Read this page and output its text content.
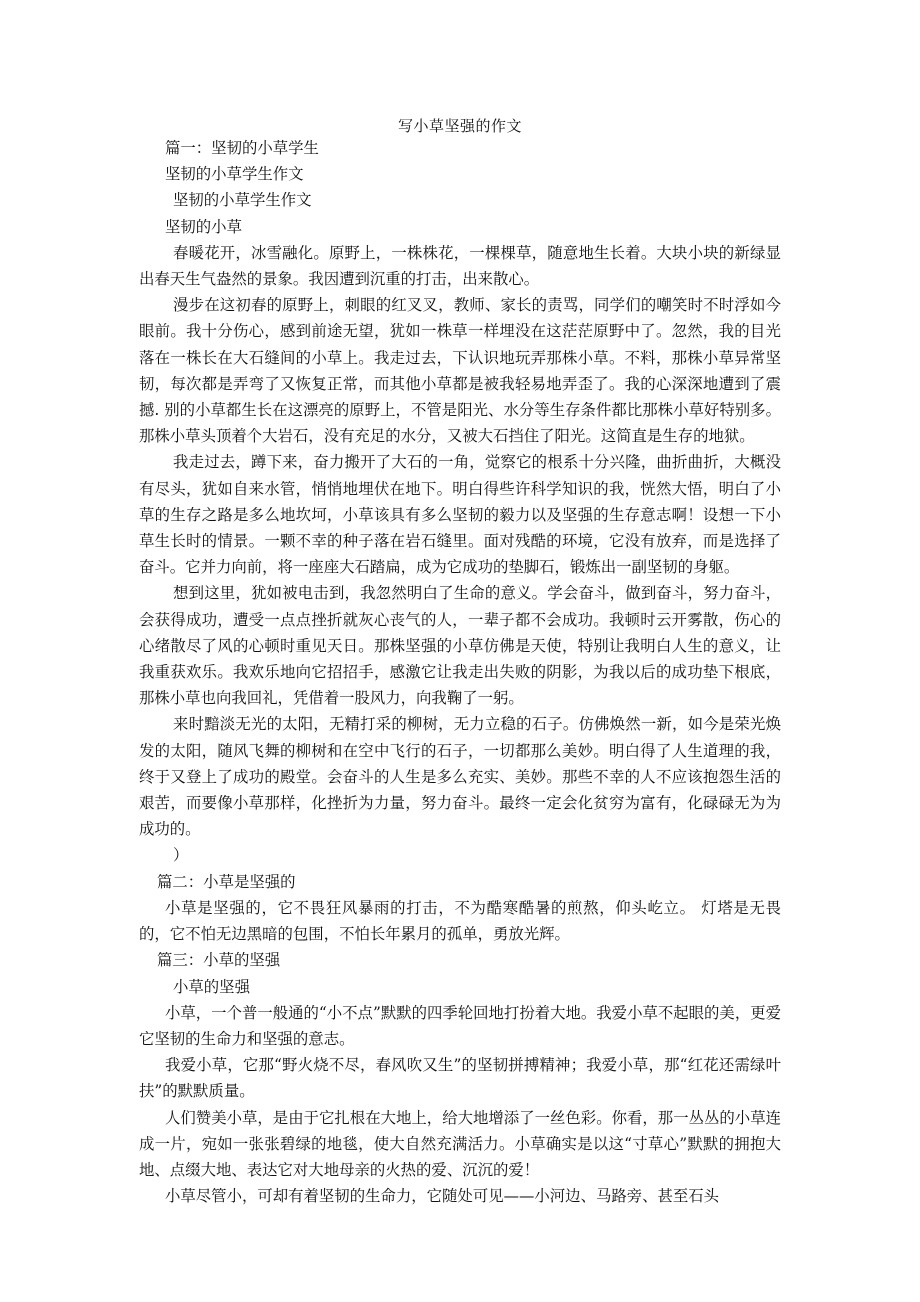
写小草坚强的作文

篇一：坚韧的小草学生

坚韧的小草学生作文

坚韧的小草学生作文

坚韧的小草

春暖花开，冰雪融化。原野上，一株株花，一棵棵草，随意地生长着。大块小块的新绿显出春天生气盎然的景象。我因遭到沉重的打击，出来散心。

漫步在这初春的原野上，刺眼的红叉叉，教师、家长的责骂，同学们的嘲笑时不时浮如今眼前。我十分伤心，感到前途无望，犹如一株草一样埋没在这茫茫原野中了。忽然，我的目光落在一株长在大石缝间的小草上。我走过去，下认识地玩弄那株小草。不料，那株小草异常坚韧，每次都是弄弯了又恢复正常，而其他小草都是被我轻易地弄歪了。我的心深深地遭到了震撼. 别的小草都生长在这漂亮的原野上，不管是阳光、水分等生存条件都比那株小草好特别多。那株小草头顶着个大岩石，没有充足的水分，又被大石挡住了阳光。这简直是生存的地狱。

我走过去，蹲下来，奋力搬开了大石的一角，觉察它的根系十分兴隆，曲折曲折，大概没有尽头，犹如自来水管，悄悄地埋伏在地下。明白得些许科学知识的我，恍然大悟，明白了小草的生存之路是多么地坎坷，小草该具有多么坚韧的毅力以及坚强的生存意志啊！设想一下小草生长时的情景。一颗不幸的种子落在岩石缝里。面对残酷的环境，它没有放弃，而是选择了奋斗。它并力向前，将一座座大石踏扁，成为它成功的垫脚石，锻炼出一副坚韧的身躯。

想到这里，犹如被电击到，我忽然明白了生命的意义。学会奋斗，做到奋斗，努力奋斗，会获得成功，遭受一点点挫折就灰心丧气的人，一辈子都不会成功。我顿时云开雾散，伤心的心绪散尽了风的心顿时重见天日。那株坚强的小草仿佛是天使，特别让我明白人生的意义，让我重获欢乐。我欢乐地向它招招手，感激它让我走出失败的阴影，为我以后的成功垫下根底，那株小草也向我回礼，凭借着一股风力，向我鞠了一躬。

来时黯淡无光的太阳，无精打采的柳树，无力立稳的石子。仿佛焕然一新，如今是荣光焕发的太阳，随风飞舞的柳树和在空中飞行的石子，一切都那么美妙。明白得了人生道理的我，终于又登上了成功的殿堂。会奋斗的人生是多么充实、美妙。那些不幸的人不应该抱怨生活的艰苦，而要像小草那样，化挫折为力量，努力奋斗。最终一定会化贫穷为富有，化碌碌无为为成功的。

）

篇二：小草是坚强的

小草是坚强的，它不畏狂风暴雨的打击，不为酷寒酷暑的煎熬，仰头屹立。 灯塔是无畏的，它不怕无边黑暗的包围，不怕长年累月的孤单，勇放光辉。

篇三：小草的坚强

小草的坚强

小草，一个普一般通的“小不点”默默的四季轮回地打扮着大地。我爱小草不起眼的美，更爱它坚韧的生命力和坚强的意志。

我爱小草，它那“野火烧不尽，春风吹又生”的坚韧拼搏精神；我爱小草，那“红花还需绿叶扶”的默默质量。

人们赞美小草，是由于它扎根在大地上，给大地增添了一丝色彩。你看，那一丛丛的小草连成一片，宛如一张张碧绿的地毯，使大自然充满活力。小草确实是以这“寸草心”默默的拥抱大地、点缀大地、表达它对大地母亲的火热的爱、沉沉的爱！

小草尽管小，可却有着坚韧的生命力，它随处可见——小河边、马路旁、甚至石头
